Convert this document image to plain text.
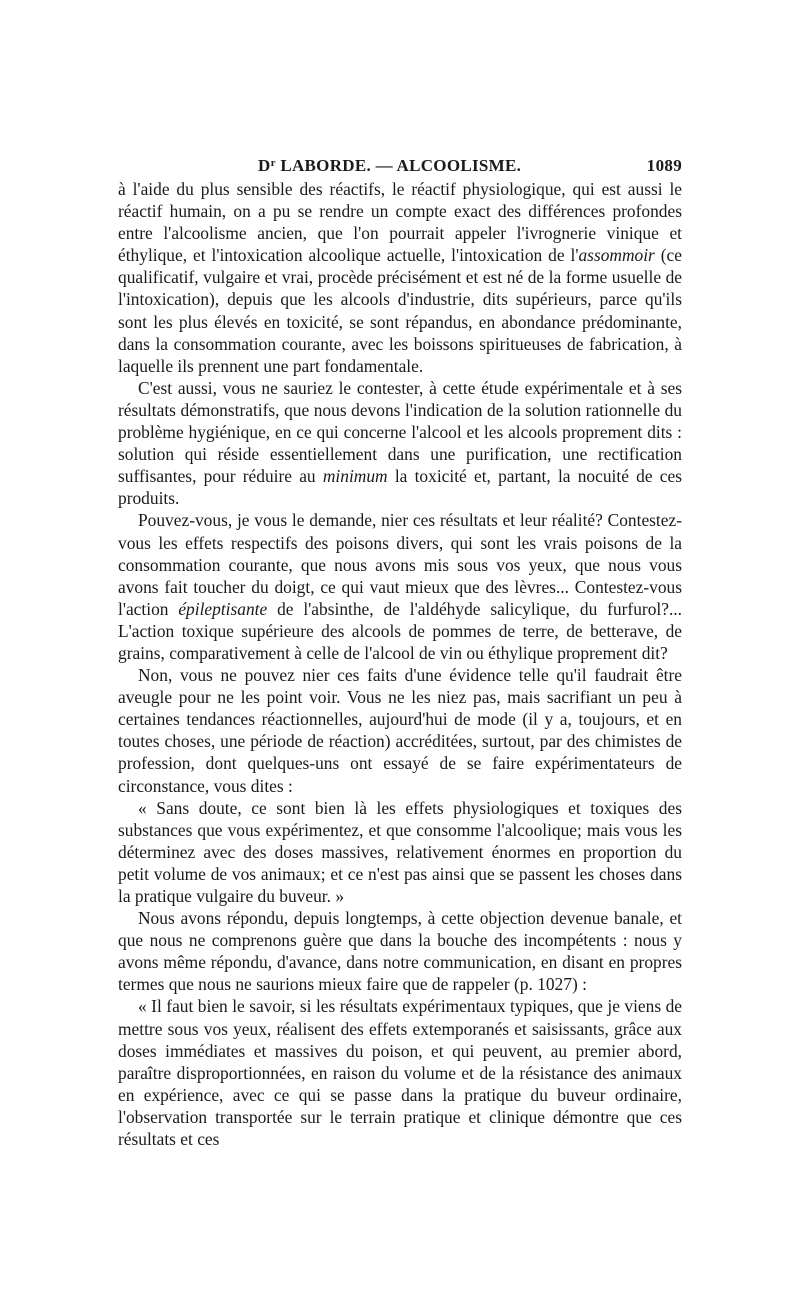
$D^r$ LABORDE. — ALCOOLISME.	1089

à l'aide du plus sensible des réactifs, le réactif physiologique, qui est aussi le réactif humain, on a pu se rendre un compte exact des différences profondes entre l'alcoolisme ancien, que l'on pourrait appeler l'ivrognerie vinique et éthylique, et l'intoxication alcoolique actuelle, l'intoxication de l'assommoir (ce qualificatif, vulgaire et vrai, procède précisément et est né de la forme usuelle de l'intoxication), depuis que les alcools d'industrie, dits supérieurs, parce qu'ils sont les plus élevés en toxicité, se sont répandus, en abondance prédominante, dans la consommation courante, avec les boissons spiritueuses de fabrication, à laquelle ils prennent une part fondamentale.

C'est aussi, vous ne sauriez le contester, à cette étude expérimentale et à ses résultats démonstratifs, que nous devons l'indication de la solution rationnelle du problème hygiénique, en ce qui concerne l'alcool et les alcools proprement dits : solution qui réside essentiellement dans une purification, une rectification suffisantes, pour réduire au minimum la toxicité et, partant, la nocuité de ces produits.

Pouvez-vous, je vous le demande, nier ces résultats et leur réalité? Contestez-vous les effets respectifs des poisons divers, qui sont les vrais poisons de la consommation courante, que nous avons mis sous vos yeux, que nous vous avons fait toucher du doigt, ce qui vaut mieux que des lèvres... Contestez-vous l'action épileptisante de l'absinthe, de l'aldéhyde salicylique, du furfurol?... L'action toxique supérieure des alcools de pommes de terre, de betterave, de grains, comparativement à celle de l'alcool de vin ou éthylique proprement dit?

Non, vous ne pouvez nier ces faits d'une évidence telle qu'il faudrait être aveugle pour ne les point voir. Vous ne les niez pas, mais sacrifiant un peu à certaines tendances réactionnelles, aujourd'hui de mode (il y a, toujours, et en toutes choses, une période de réaction) accréditées, surtout, par des chimistes de profession, dont quelques-uns ont essayé de se faire expérimentateurs de circonstance, vous dites :

« Sans doute, ce sont bien là les effets physiologiques et toxiques des substances que vous expérimentez, et que consomme l'alcoolique; mais vous les déterminez avec des doses massives, relativement énormes en proportion du petit volume de vos animaux; et ce n'est pas ainsi que se passent les choses dans la pratique vulgaire du buveur. »

Nous avons répondu, depuis longtemps, à cette objection devenue banale, et que nous ne comprenons guère que dans la bouche des incompétents : nous y avons même répondu, d'avance, dans notre communication, en disant en propres termes que nous ne saurions mieux faire que de rappeler (p. 1027) :

« Il faut bien le savoir, si les résultats expérimentaux typiques, que je viens de mettre sous vos yeux, réalisent des effets extemporanés et saisissants, grâce aux doses immédiates et massives du poison, et qui peuvent, au premier abord, paraître disproportionnées, en raison du volume et de la résistance des animaux en expérience, avec ce qui se passe dans la pratique du buveur ordinaire, l'observation transportée sur le terrain pratique et clinique démontre que ces résultats et ces
